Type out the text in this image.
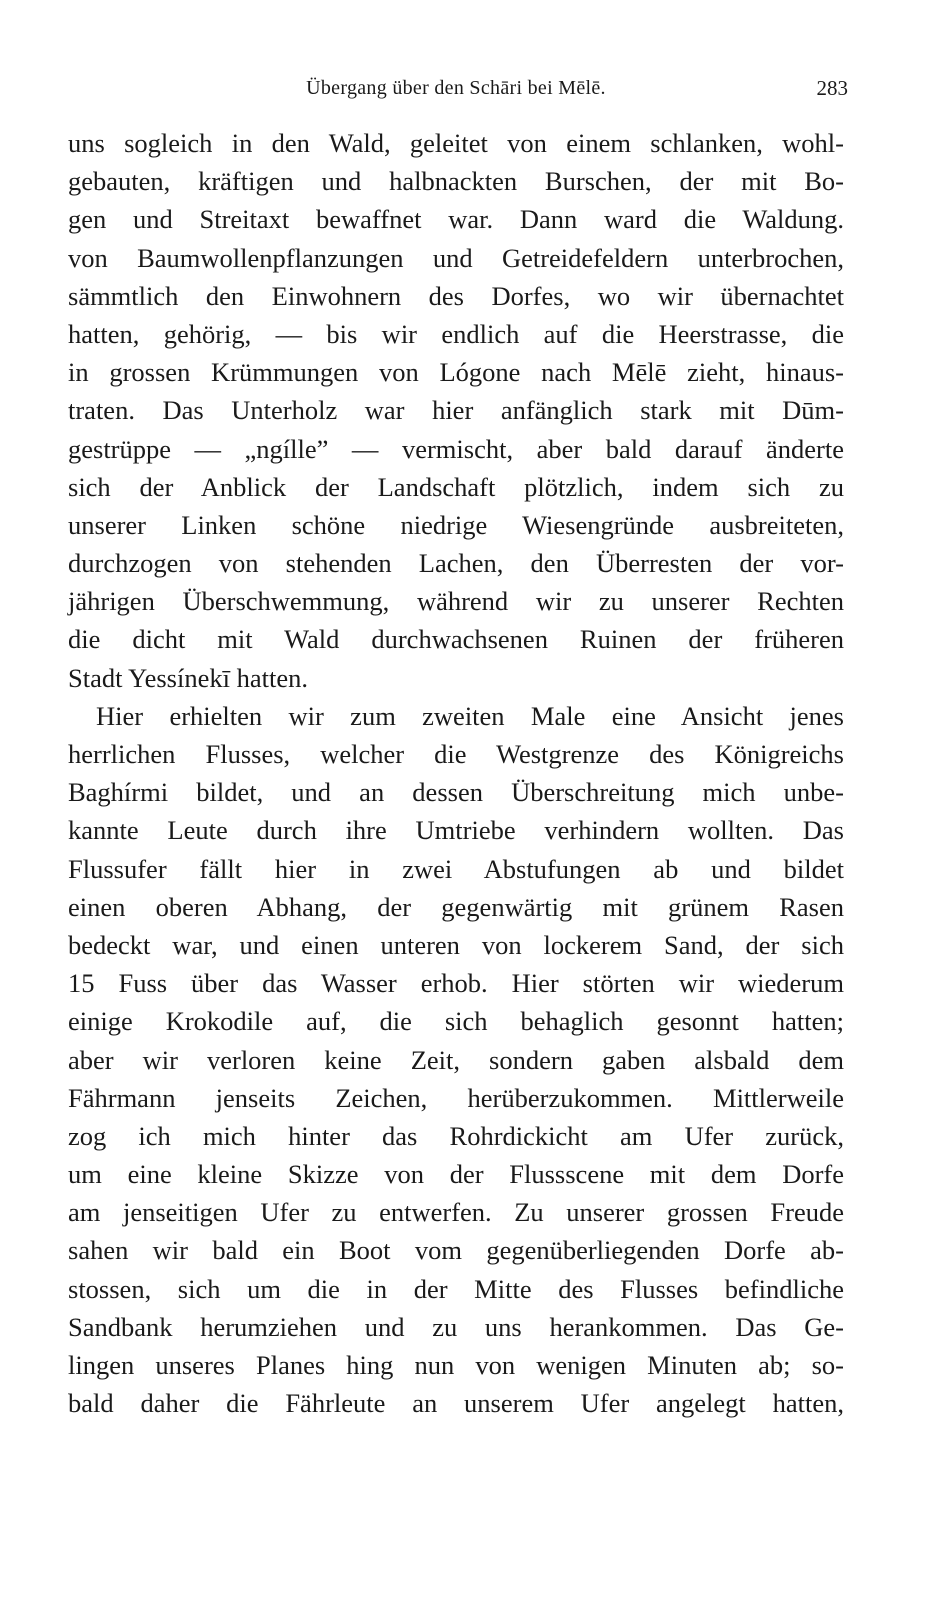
Übergang über den Schāri bei Mēlē.	283
uns sogleich in den Wald, geleitet von einem schlanken, wohl-
gebauten, kräftigen und halbnackten Burschen, der mit Bo-
gen und Streitaxt bewaffnet war. Dann ward die Waldung.
von Baumwollenpflanzungen und Getreidefeldern unterbrochen,
sämmtlich den Einwohnern des Dorfes, wo wir übernachtet
hatten, gehörig, — bis wir endlich auf die Heerstrasse, die
in grossen Krümmungen von Lógone nach Mēlē zieht, hinaus-
traten. Das Unterholz war hier anfänglich stark mit Dūm-
gestrüppe — „ngílle” — vermischt, aber bald darauf änderte
sich der Anblick der Landschaft plötzlich, indem sich zu
unserer Linken schöne niedrige Wiesengründe ausbreiteten,
durchzogen von stehenden Lachen, den Überresten der vor-
jährigen Überschwemmung, während wir zu unserer Rechten
die dicht mit Wald durchwachsenen Ruinen der früheren
Stadt Yessínekī hatten.
Hier erhielten wir zum zweiten Male eine Ansicht jenes
herrlichen Flusses, welcher die Westgrenze des Königreichs
Baghírmi bildet, und an dessen Überschreitung mich unbe-
kannte Leute durch ihre Umtriebe verhindern wollten. Das
Flussufer fällt hier in zwei Abstufungen ab und bildet
einen oberen Abhang, der gegenwärtig mit grünem Rasen
bedeckt war, und einen unteren von lockerem Sand, der sich
15 Fuss über das Wasser erhob. Hier störten wir wiederum
einige Krokodile auf, die sich behaglich gesonnt hatten;
aber wir verloren keine Zeit, sondern gaben alsbald dem
Fährmann jenseits Zeichen, herüberzukommen. Mittlerweile
zog ich mich hinter das Rohrdickicht am Ufer zurück,
um eine kleine Skizze von der Flussscene mit dem Dorfe
am jenseitigen Ufer zu entwerfen. Zu unserer grossen Freude
sahen wir bald ein Boot vom gegenüberliegenden Dorfe ab-
stossen, sich um die in der Mitte des Flusses befindliche
Sandbank herumziehen und zu uns herankommen. Das Ge-
lingen unseres Planes hing nun von wenigen Minuten ab; so-
bald daher die Fährleute an unserem Ufer angelegt hatten,
